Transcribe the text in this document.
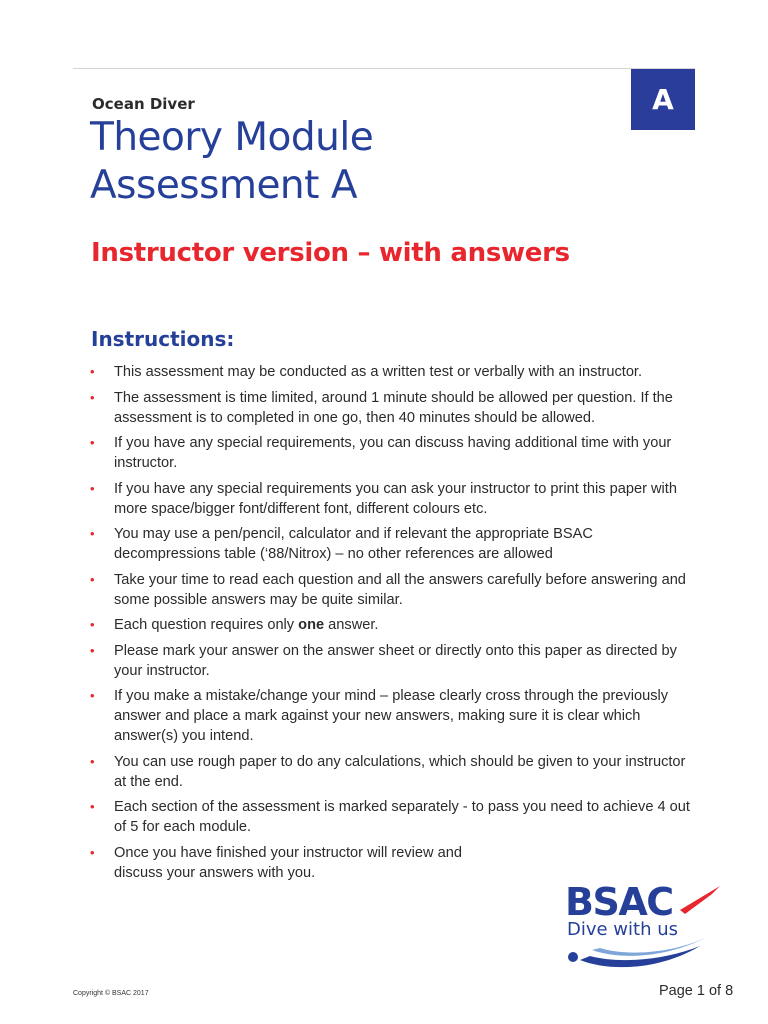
A
Ocean Diver
Theory Module
Assessment A
Instructor version – with answers
Instructions:
• This assessment may be conducted as a written test or verbally with an instructor.
• The assessment is time limited, around 1 minute should be allowed per question. If the assessment is to completed in one go, then 40 minutes should be allowed.
• If you have any special requirements, you can discuss having additional time with your instructor.
• If you have any special requirements you can ask your instructor to print this paper with more space/bigger font/different font, different colours etc.
• You may use a pen/pencil, calculator and if relevant the appropriate BSAC decompressions table (‘88/Nitrox) – no other references are allowed
• Take your time to read each question and all the answers carefully before answering and some possible answers may be quite similar.
• Each question requires only one answer.
• Please mark your answer on the answer sheet or directly onto this paper as directed by your instructor.
• If you make a mistake/change your mind – please clearly cross through the previously answer and place a mark against your new answers, making sure it is clear which answer(s) you intend.
• You can use rough paper to do any calculations, which should be given to your instructor at the end.
• Each section of the assessment is marked separately - to pass you need to achieve 4 out of 5 for each module.
• Once you have finished your instructor will review and discuss your answers with you.
BSAC
Dive with us
Copyright © BSAC 2017	Page 1 of 8
